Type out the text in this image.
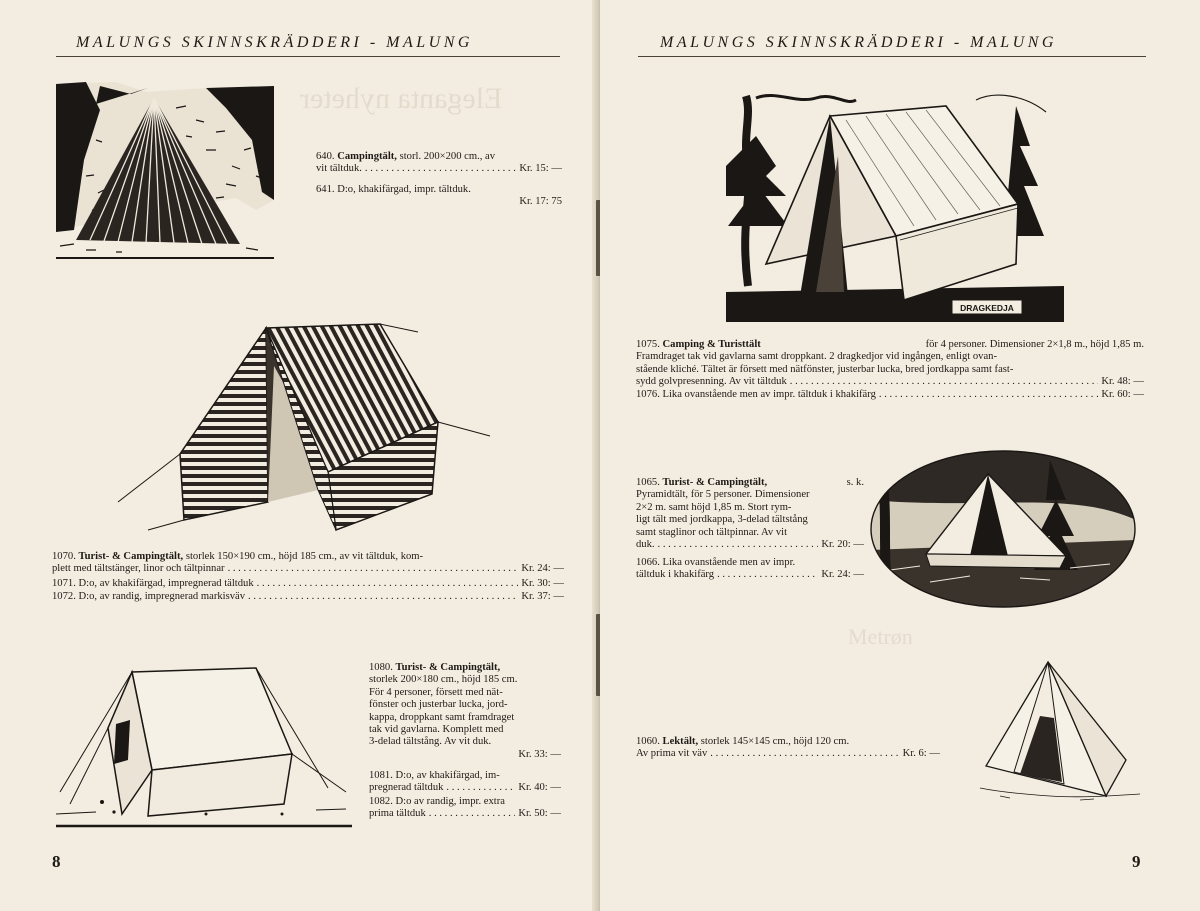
Eleganta nyheter
MALUNGS SKINNSKRÄDDERI - MALUNG
640. Campingtält, storl. 200×200 cm., av
vit tältduk. . . .	Kr. 15: —
641. D:o, khakifärgad, impr. tältduk.
Kr. 17: 75
1070. Turist- & Campingtält, storlek 150×190 cm., höjd 185 cm., av vit tältduk, kom-
plett med tältstänger, linor och tältpinnar . . .	Kr. 24: —
1071. D:o, av khakifärgad, impregnerad tältduk . . .	Kr. 30: —
1072. D:o, av randig, impregnerad markisväv . . .	Kr. 37: —
1080. Turist- & Campingtält,
storlek 200×180 cm., höjd 185 cm.
För 4 personer, försett med nät-
fönster och justerbar lucka, jord-
kappa, droppkant samt framdraget
tak vid gavlarna. Komplett med
3-delad tältstång. Av vit duk.
Kr. 33: —
1081. D:o, av khakifärgad, im-
pregnerad tältduk . . .	Kr. 40: —
1082. D:o av randig, impr. extra
prima tältduk . . .	Kr. 50: —
8
Metrøn
MALUNGS SKINNSKRÄDDERI - MALUNG
DRAGKEDJA
1075. Camping & Turisttält	för 4 personer. Dimensioner 2×1,8 m., höjd 1,85 m.
Framdraget tak vid gavlarna samt droppkant. 2 dragkedjor vid ingången, enligt ovan-
stående kliché. Tältet är försett med nätfönster, justerbar lucka, bred jordkappa samt fast-
sydd golvpresenning. Av vit tältduk . . .	Kr. 48: —
1076. Lika ovanstående men av impr. tältduk i khakifärg . . .	Kr. 60: —
1065. Turist- & Campingtält,	s. k.
Pyramidtält, för 5 personer. Dimensioner
2×2 m. samt höjd 1,85 m. Stort rym-
ligt tält med jordkappa, 3-delad tältstång
samt staglinor och tältpinnar. Av vit
duk. . . .	Kr. 20: —
1066. Lika ovanstående men av impr.
tältduk i khakifärg . . .	Kr. 24: —
1060. Lektält, storlek 145×145 cm., höjd 120 cm.
Av prima vit väv . . .	Kr. 6: —
9
